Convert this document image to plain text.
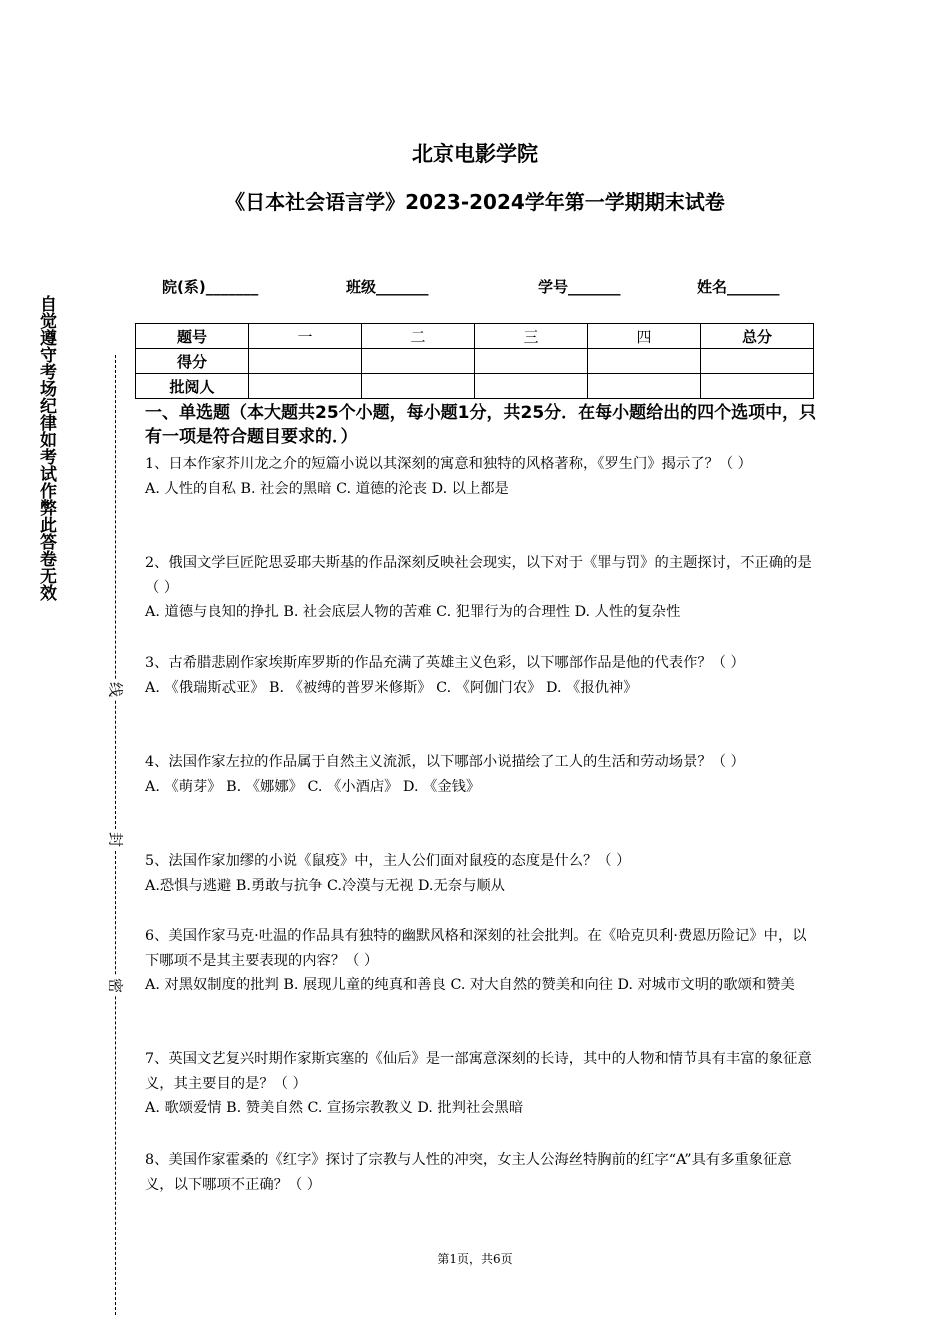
北京电影学院
《日本社会语言学》2023-2024学年第一学期期末试卷
院(系)_______	班级_______	学号_______	姓名_______
自觉遵守考场纪律如考试作弊此答卷无效
线
封
密
题号	一	二	三	四	总分
得分					
批阅人					
一、单选题（本大题共25个小题，每小题1分，共25分．在每小题给出的四个选项中，只有一项是符合题目要求的．）

1、日本作家芥川龙之介的短篇小说以其深刻的寓意和独特的风格著称，《罗生门》揭示了？（ ）

A. 人性的自私 B. 社会的黑暗 C. 道德的沦丧 D. 以上都是

2、俄国文学巨匠陀思妥耶夫斯基的作品深刻反映社会现实，以下对于《罪与罚》的主题探讨，不正确的是（ ）

A. 道德与良知的挣扎 B. 社会底层人物的苦难 C. 犯罪行为的合理性 D. 人性的复杂性

3、古希腊悲剧作家埃斯库罗斯的作品充满了英雄主义色彩，以下哪部作品是他的代表作？（ ）

A. 《俄瑞斯忒亚》 B. 《被缚的普罗米修斯》 C. 《阿伽门农》 D. 《报仇神》

4、法国作家左拉的作品属于自然主义流派，以下哪部小说描绘了工人的生活和劳动场景？（ ）

A. 《萌芽》 B. 《娜娜》 C. 《小酒店》 D. 《金钱》

5、法国作家加缪的小说《鼠疫》中，主人公们面对鼠疫的态度是什么？（ ）

A.恐惧与逃避 B.勇敢与抗争 C.冷漠与无视 D.无奈与顺从

6、美国作家马克·吐温的作品具有独特的幽默风格和深刻的社会批判。在《哈克贝利·费恩历险记》中，以下哪项不是其主要表现的内容？（ ）

A. 对黑奴制度的批判 B. 展现儿童的纯真和善良 C. 对大自然的赞美和向往 D. 对城市文明的歌颂和赞美

7、英国文艺复兴时期作家斯宾塞的《仙后》是一部寓意深刻的长诗，其中的人物和情节具有丰富的象征意义，其主要目的是？（ ）

A. 歌颂爱情 B. 赞美自然 C. 宣扬宗教教义 D. 批判社会黑暗

8、美国作家霍桑的《红字》探讨了宗教与人性的冲突，女主人公海丝特胸前的红字“A”具有多重象征意义，以下哪项不正确？（ ）

第1页，共6页
